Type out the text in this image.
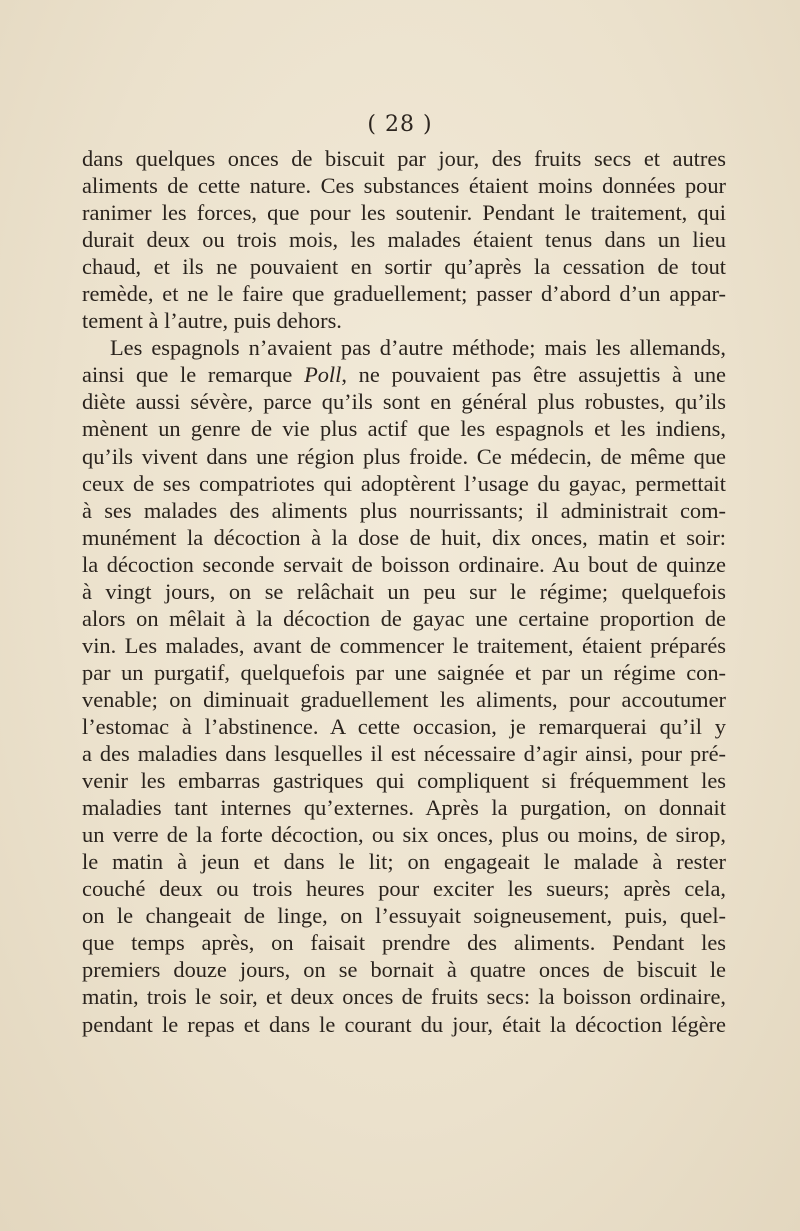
( 28 )
dans quelques onces de biscuit par jour, des fruits secs et autres
aliments de cette nature. Ces substances étaient moins données pour
ranimer les forces, que pour les soutenir. Pendant le traitement, qui
durait deux ou trois mois, les malades étaient tenus dans un lieu
chaud, et ils ne pouvaient en sortir qu’après la cessation de tout
remède, et ne le faire que graduellement; passer d’abord d’un appar-
tement à l’autre, puis dehors.
Les espagnols n’avaient pas d’autre méthode; mais les allemands,
ainsi que le remarque Poll, ne pouvaient pas être assujettis à une
diète aussi sévère, parce qu’ils sont en général plus robustes, qu’ils
mènent un genre de vie plus actif que les espagnols et les indiens,
qu’ils vivent dans une région plus froide. Ce médecin, de même que
ceux de ses compatriotes qui adoptèrent l’usage du gayac, permettait
à ses malades des aliments plus nourrissants; il administrait com-
munément la décoction à la dose de huit, dix onces, matin et soir:
la décoction seconde servait de boisson ordinaire. Au bout de quinze
à vingt jours, on se relâchait un peu sur le régime; quelquefois
alors on mêlait à la décoction de gayac une certaine proportion de
vin. Les malades, avant de commencer le traitement, étaient préparés
par un purgatif, quelquefois par une saignée et par un régime con-
venable; on diminuait graduellement les aliments, pour accoutumer
l’estomac à l’abstinence. A cette occasion, je remarquerai qu’il y
a des maladies dans lesquelles il est nécessaire d’agir ainsi, pour pré-
venir les embarras gastriques qui compliquent si fréquemment les
maladies tant internes qu’externes. Après la purgation, on donnait
un verre de la forte décoction, ou six onces, plus ou moins, de sirop,
le matin à jeun et dans le lit; on engageait le malade à rester
couché deux ou trois heures pour exciter les sueurs; après cela,
on le changeait de linge, on l’essuyait soigneusement, puis, quel-
que temps après, on faisait prendre des aliments. Pendant les
premiers douze jours, on se bornait à quatre onces de biscuit le
matin, trois le soir, et deux onces de fruits secs: la boisson ordinaire,
pendant le repas et dans le courant du jour, était la décoction légère
